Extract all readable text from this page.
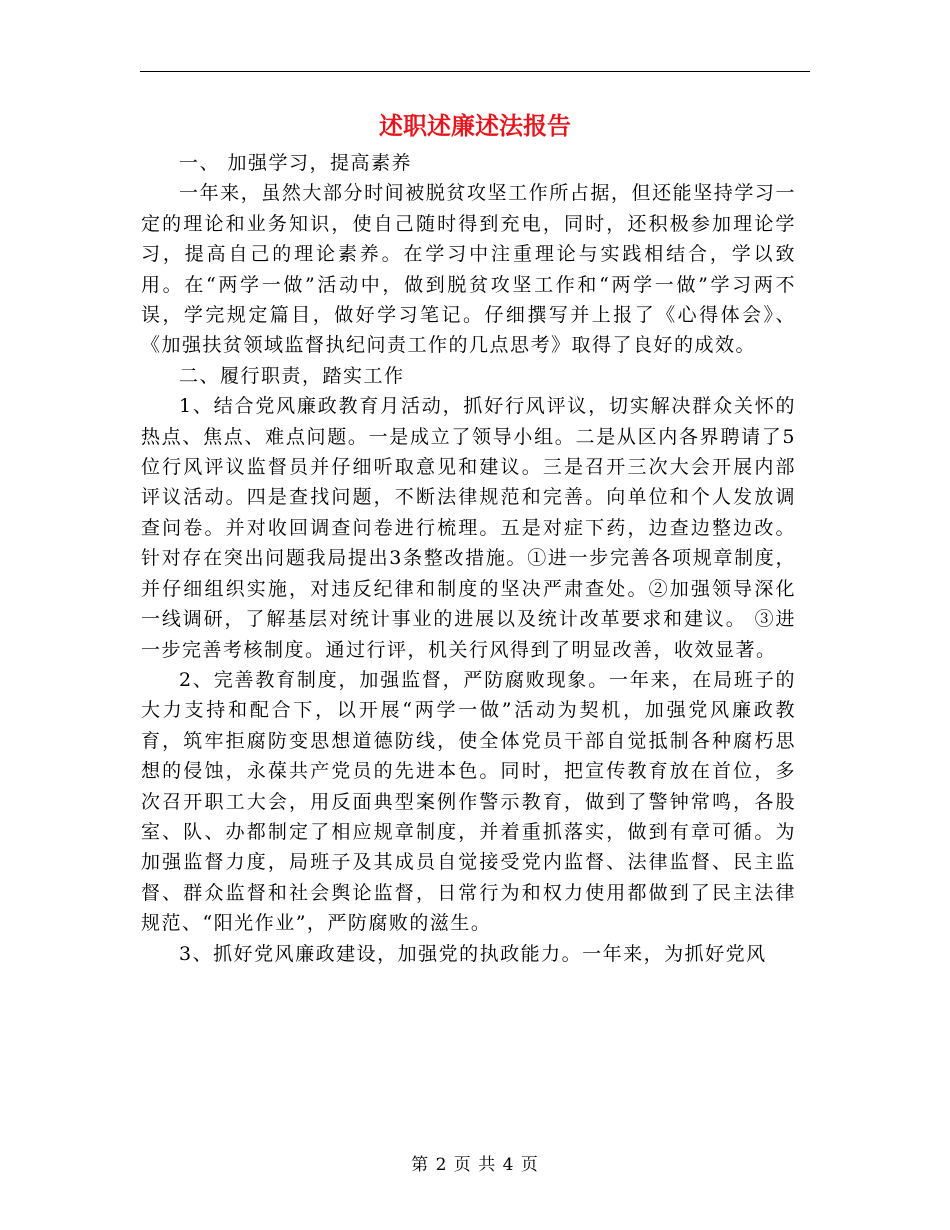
述职述廉述法报告

一、 加强学习，提高素养

一年来，虽然大部分时间被脱贫攻坚工作所占据，但还能坚持学习一定的理论和业务知识，使自己随时得到充电，同时，还积极参加理论学习，提高自己的理论素养。在学习中注重理论与实践相结合，学以致用。在“两学一做”活动中，做到脱贫攻坚工作和“两学一做”学习两不误，学完规定篇目，做好学习笔记。仔细撰写并上报了《心得体会》、《加强扶贫领域监督执纪问责工作的几点思考》取得了良好的成效。

二、履行职责，踏实工作

1、结合党风廉政教育月活动，抓好行风评议，切实解决群众关怀的热点、焦点、难点问题。一是成立了领导小组。二是从区内各界聘请了5位行风评议监督员并仔细听取意见和建议。三是召开三次大会开展内部评议活动。四是查找问题，不断法律规范和完善。向单位和个人发放调查问卷。并对收回调查问卷进行梳理。五是对症下药，边查边整边改。针对存在突出问题我局提出3条整改措施。①进一步完善各项规章制度，并仔细组织实施，对违反纪律和制度的坚决严肃查处。②加强领导深化一线调研，了解基层对统计事业的进展以及统计改革要求和建议。 ③进一步完善考核制度。通过行评，机关行风得到了明显改善，收效显著。

2、完善教育制度，加强监督，严防腐败现象。一年来，在局班子的大力支持和配合下，以开展“两学一做”活动为契机，加强党风廉政教育，筑牢拒腐防变思想道德防线，使全体党员干部自觉抵制各种腐朽思想的侵蚀，永葆共产党员的先进本色。同时，把宣传教育放在首位，多次召开职工大会，用反面典型案例作警示教育，做到了警钟常鸣，各股室、队、办都制定了相应规章制度，并着重抓落实，做到有章可循。为加强监督力度，局班子及其成员自觉接受党内监督、法律监督、民主监督、群众监督和社会舆论监督，日常行为和权力使用都做到了民主法律规范、“阳光作业”，严防腐败的滋生。

3、抓好党风廉政建设，加强党的执政能力。一年来，为抓好党风

第 2 页 共 4 页
